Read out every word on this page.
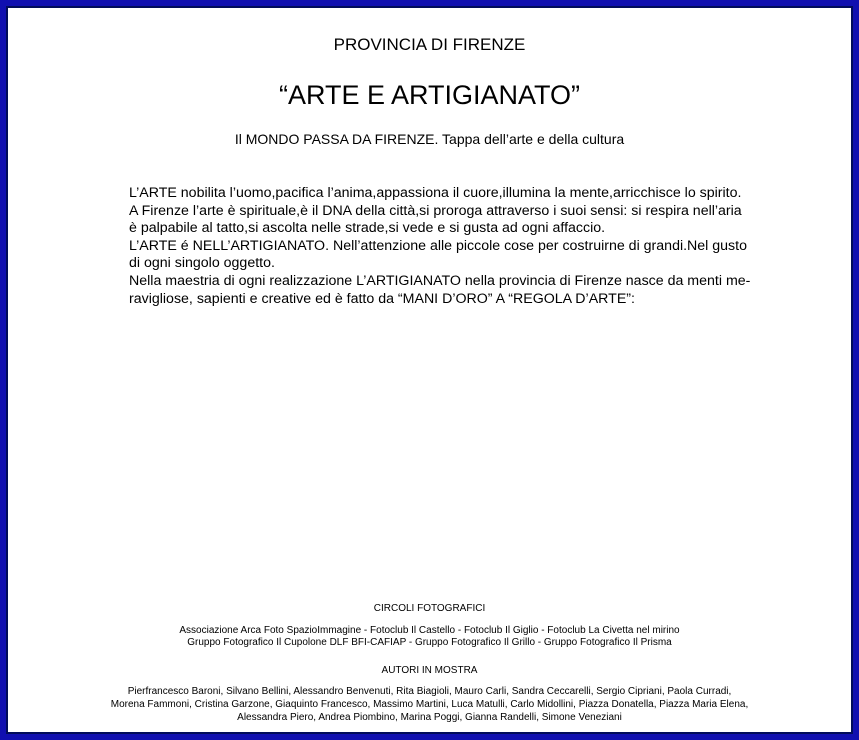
PROVINCIA DI FIRENZE
“ARTE E ARTIGIANATO”
Il MONDO PASSA DA FIRENZE. Tappa dell’arte e della cultura

L’ARTE nobilita l’uomo,pacifica l’anima,appassiona il cuore,illumina la mente,arricchisce lo spirito.

A Firenze l’arte è spirituale,è il DNA della città,si proroga attraverso i suoi sensi: si respira nell’aria

è palpabile al tatto,si ascolta nelle strade,si vede e si gusta ad ogni affaccio.

L’ARTE é NELL’ARTIGIANATO. Nell’attenzione alle piccole cose per costruirne di grandi.Nel gusto

di ogni singolo oggetto.

Nella maestria di ogni realizzazione L’ARTIGIANATO nella provincia di Firenze nasce da menti me-

ravigliose, sapienti e creative ed è fatto da “MANI D’ORO” A “REGOLA D’ARTE”:

CIRCOLI FOTOGRAFICI
Associazione Arca Foto SpazioImmagine - Fotoclub Il Castello - Fotoclub Il Giglio - Fotoclub La Civetta nel mirino
Gruppo Fotografico Il Cupolone DLF BFI-CAFIAP - Gruppo Fotografico Il Grillo - Gruppo Fotografico Il Prisma
AUTORI IN MOSTRA
Pierfrancesco Baroni, Silvano Bellini, Alessandro Benvenuti, Rita Biagioli, Mauro Carli, Sandra Ceccarelli, Sergio Cipriani, Paola Curradi,
Morena Fammoni, Cristina Garzone, Giaquinto Francesco, Massimo Martini, Luca Matulli, Carlo Midollini, Piazza Donatella, Piazza Maria Elena,
Alessandra Piero, Andrea Piombino, Marina Poggi, Gianna Randelli, Simone Veneziani
